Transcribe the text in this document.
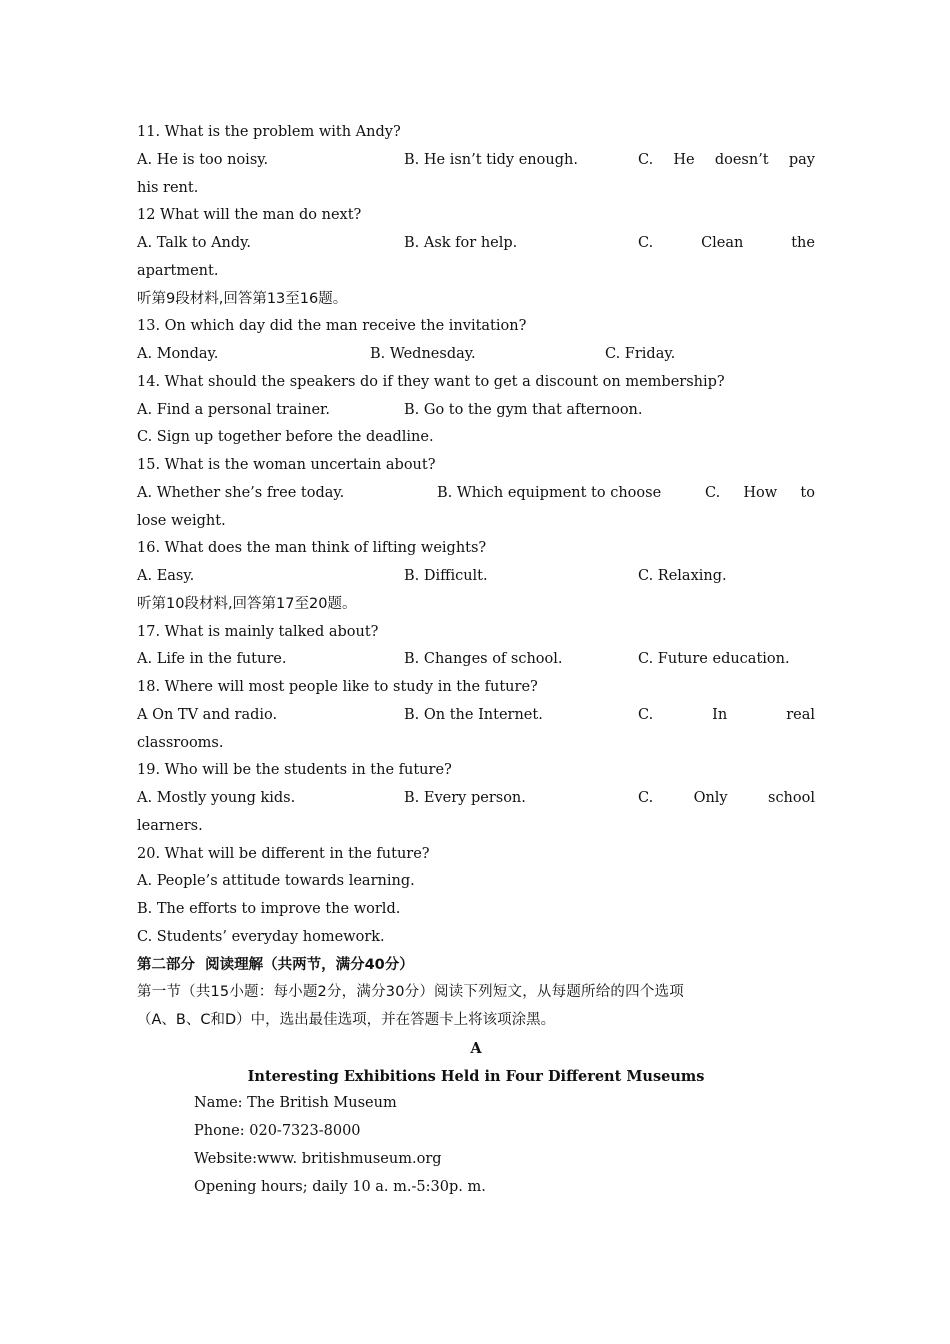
11. What is the problem with Andy?

A. He is too noisy.

	B. He isn’t tidy enough.

	C. He doesn’t pay

his rent.
12 What will the man do next?

A. Talk to Andy.

	B. Ask for help.

	C.	Clean	the

apartment.
听第9段材料,回答第13至16题。
13. On which day did the man receive the invitation?

A. Monday.

	B. Wednesday.

	C. Friday.

14. What should the speakers do if they want to get a discount on membership?

A. Find a personal trainer.

	B. Go to the gym that afternoon.

C. Sign up together before the deadline.
15. What is the woman uncertain about?

A. Whether she’s free today.

	B. Which equipment to choose

	C. How to

lose weight.
16. What does the man think of lifting weights?

A. Easy.

	B. Difficult.

	C. Relaxing.

听第10段材料,回答第17至20题。
17. What is mainly talked about?

A. Life in the future.

	B. Changes of school.

	C. Future education.

18. Where will most people like to study in the future?

A On TV and radio.

	B. On the Internet.

	C.	In	real

classrooms.
19. Who will be the students in the future?

A. Mostly young kids.

	B. Every person.

	C.	Only	school

learners.
20. What will be different in the future?
A. People’s attitude towards learning.
B. The efforts to improve the world.
C. Students’ everyday homework.
第二部分  阅读理解（共两节，满分40分）
第一节（共15小题：每小题2分，满分30分）阅读下列短文，从每题所给的四个选项
（A、B、C和D）中，选出最佳选项，并在答题卡上将该项涂黑。
A
Interesting Exhibitions Held in Four Different Museums
Name: The British Museum
Phone: 020-7323-8000
Website:www. britishmuseum.org
Opening hours; daily 10 a. m.-5:30p. m.
